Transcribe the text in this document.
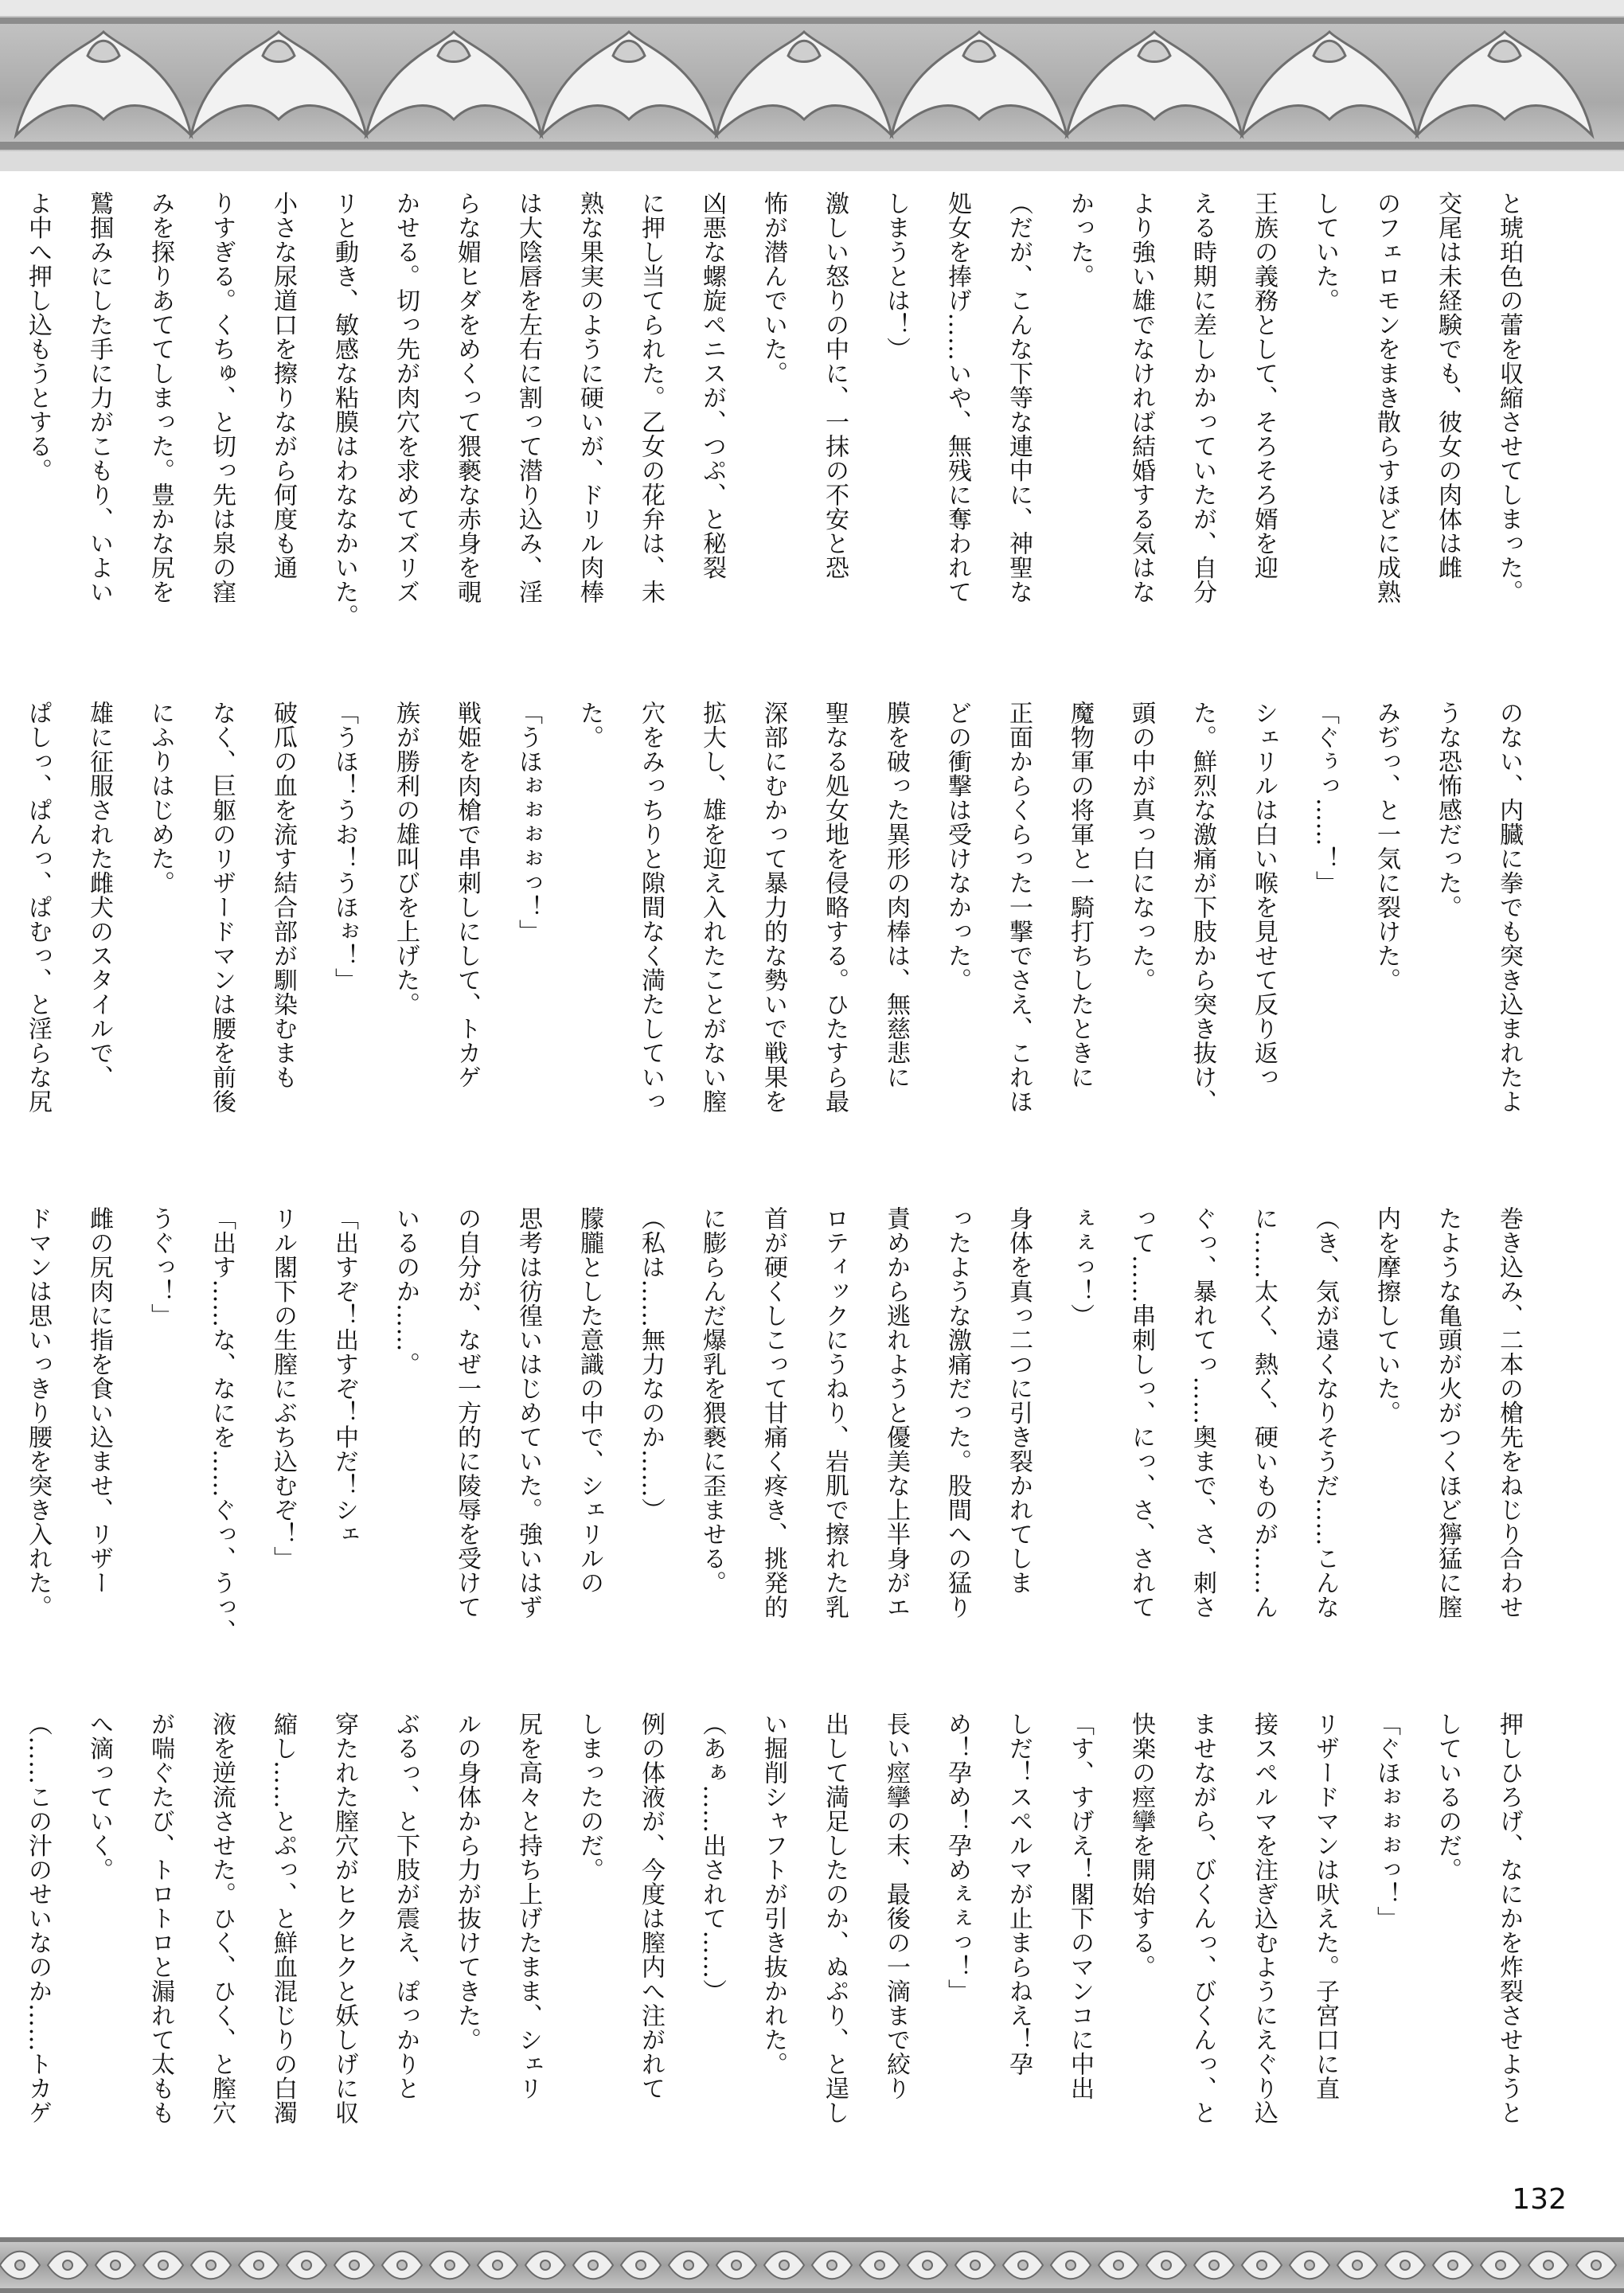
と琥珀色の蕾を収縮させてしまった。
交尾は未経験でも、彼女の肉体は雌
のフェロモンをまき散らすほどに成熟
していた。
王族の義務として、そろそろ婿を迎
える時期に差しかかっていたが、自分
より強い雄でなければ結婚する気はな
かった。
（だが、こんな下等な連中に、神聖な
処女を捧げ……いや、無残に奪われて
しまうとは！）
激しい怒りの中に、一抹の不安と恐
怖が潜んでいた。
凶悪な螺旋ペニスが、つぷ、と秘裂
に押し当てられた。乙女の花弁は、未
熟な果実のように硬いが、ドリル肉棒
は大陰唇を左右に割って潜り込み、淫
らな媚ヒダをめくって猥褻な赤身を覗
かせる。切っ先が肉穴を求めてズリズ
リと動き、敏感な粘膜はわななかいた。
小さな尿道口を擦りながら何度も通
りすぎる。くちゅ、と切っ先は泉の窪
みを探りあててしまった。豊かな尻を
鷲掴みにした手に力がこもり、いよい
よ中へ押し込もうとする。
のない、内臓に拳でも突き込まれたよ
うな恐怖感だった。
みぢっ、と一気に裂けた。
「ぐぅっ……！」
シェリルは白い喉を見せて反り返っ
た。鮮烈な激痛が下肢から突き抜け、
頭の中が真っ白になった。
魔物軍の将軍と一騎打ちしたときに
正面からくらった一撃でさえ、これほ
どの衝撃は受けなかった。
膜を破った異形の肉棒は、無慈悲に
聖なる処女地を侵略する。ひたすら最
深部にむかって暴力的な勢いで戦果を
拡大し、雄を迎え入れたことがない膣
穴をみっちりと隙間なく満たしていっ
た。
「うほぉぉぉぉっ！」
戦姫を肉槍で串刺しにして、トカゲ
族が勝利の雄叫びを上げた。
「うほ！うお！うほぉ！」
破瓜の血を流す結合部が馴染むまも
なく、巨躯のリザードマンは腰を前後
にふりはじめた。
雄に征服された雌犬のスタイルで、
ぱしっ、ぱんっ、ぱむっ、と淫らな尻
巻き込み、二本の槍先をねじり合わせ
たような亀頭が火がつくほど獰猛に膣
内を摩擦していた。
（き、気が遠くなりそうだ……こんな
に……太く、熱く、硬いものが……ん
ぐっ、暴れてっ……奥まで、さ、刺さ
って……串刺しっ、にっ、さ、されて
ぇぇっ！）
身体を真っ二つに引き裂かれてしま
ったような激痛だった。股間への猛り
責めから逃れようと優美な上半身がエ
ロティックにうねり、岩肌で擦れた乳
首が硬くしこって甘痛く疼き、挑発的
に膨らんだ爆乳を猥褻に歪ませる。
（私は……無力なのか……）
朦朧とした意識の中で、シェリルの
思考は彷徨いはじめていた。強いはず
の自分が、なぜ一方的に陵辱を受けて
いるのか……。
「出すぞ！出すぞ！中だ！シェ
リル閣下の生膣にぶち込むぞ！」
「出す……な、なにを……ぐっ、うっ、
うぐっ！」
雌の尻肉に指を食い込ませ、リザー
ドマンは思いっきり腰を突き入れた。
押しひろげ、なにかを炸裂させようと
しているのだ。
「ぐほぉぉぉっ！」
リザードマンは吠えた。子宮口に直
接スペルマを注ぎ込むようにえぐり込
ませながら、びくんっ、びくんっ、と
快楽の痙攣を開始する。
「す、すげえ！閣下のマンコに中出
しだ！スペルマが止まらねえ！孕
め！孕め！孕めぇぇっ！」
長い痙攣の末、最後の一滴まで絞り
出して満足したのか、ぬぷり、と逞し
い掘削シャフトが引き抜かれた。
（あぁ……出されて……）
例の体液が、今度は膣内へ注がれて
しまったのだ。
尻を高々と持ち上げたまま、シェリ
ルの身体から力が抜けてきた。
ぶるっ、と下肢が震え、ぽっかりと
穿たれた膣穴がヒクヒクと妖しげに収
縮し……とぷっ、と鮮血混じりの白濁
液を逆流させた。ひく、ひく、と膣穴
が喘ぐたび、トロトロと漏れて太もも
へ滴っていく。
（……この汁のせいなのか……トカゲ
132
